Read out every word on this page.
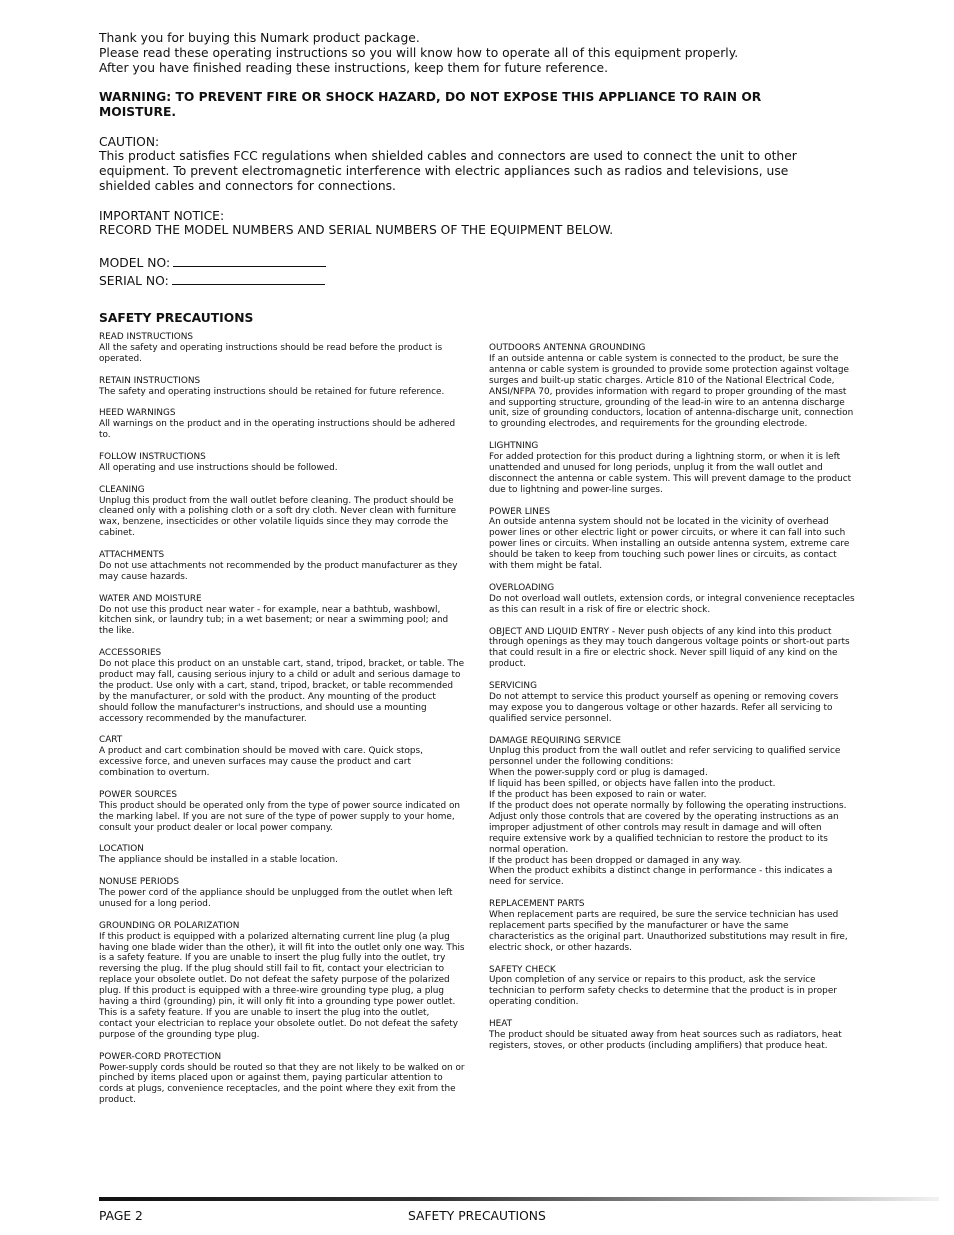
Thank you for buying this Numark product package.

Please read these operating instructions so you will know how to operate all of this equipment properly.

After you have finished reading these instructions, keep them for future reference.

WARNING: TO PREVENT FIRE OR SHOCK HAZARD, DO NOT EXPOSE THIS APPLIANCE TO RAIN OR MOISTURE.

CAUTION:

This product satisfies FCC regulations when shielded cables and connectors are used to connect the unit to other equipment. To prevent electromagnetic interference with electric appliances such as radios and televisions, use shielded cables and connectors for connections.

IMPORTANT NOTICE:

RECORD THE MODEL NUMBERS AND SERIAL NUMBERS OF THE EQUIPMENT BELOW.

MODEL NO:

SERIAL NO:

SAFETY PRECAUTIONS
READ INSTRUCTIONS
All the safety and operating instructions should be read before the product is operated.
RETAIN INSTRUCTIONS
The safety and operating instructions should be retained for future reference.
HEED WARNINGS
All warnings on the product and in the operating instructions should be adhered to.
FOLLOW INSTRUCTIONS
All operating and use instructions should be followed.
CLEANING
Unplug this product from the wall outlet before cleaning. The product should be cleaned only with a polishing cloth or a soft dry cloth. Never clean with furniture wax, benzene, insecticides or other volatile liquids since they may corrode the cabinet.
ATTACHMENTS
Do not use attachments not recommended by the product manufacturer as they may cause hazards.
WATER AND MOISTURE
Do not use this product near water - for example, near a bathtub, washbowl, kitchen sink, or laundry tub; in a wet basement; or near a swimming pool; and the like.
ACCESSORIES
Do not place this product on an unstable cart, stand, tripod, bracket, or table. The product may fall, causing serious injury to a child or adult and serious damage to the product. Use only with a cart, stand, tripod, bracket, or table recommended by the manufacturer, or sold with the product. Any mounting of the product should follow the manufacturer's instructions, and should use a mounting accessory recommended by the manufacturer.
CART
A product and cart combination should be moved with care. Quick stops, excessive force, and uneven surfaces may cause the product and cart combination to overturn.
POWER SOURCES
This product should be operated only from the type of power source indicated on the marking label. If you are not sure of the type of power supply to your home, consult your product dealer or local power company.
LOCATION
The appliance should be installed in a stable location.
NONUSE PERIODS
The power cord of the appliance should be unplugged from the outlet when left unused for a long period.
GROUNDING OR POLARIZATION
If this product is equipped with a polarized alternating current line plug (a plug having one blade wider than the other), it will fit into the outlet only one way. This is a safety feature. If you are unable to insert the plug fully into the outlet, try reversing the plug. If the plug should still fail to fit, contact your electrician to replace your obsolete outlet. Do not defeat the safety purpose of the polarized plug. If this product is equipped with a three-wire grounding type plug, a plug having a third (grounding) pin, it will only fit into a grounding type power outlet. This is a safety feature. If you are unable to insert the plug into the outlet, contact your electrician to replace your obsolete outlet. Do not defeat the safety purpose of the grounding type plug.
POWER-CORD PROTECTION
Power-supply cords should be routed so that they are not likely to be walked on or pinched by items placed upon or against them, paying particular attention to cords at plugs, convenience receptacles, and the point where they exit from the product.
OUTDOORS ANTENNA GROUNDING
If an outside antenna or cable system is connected to the product, be sure the antenna or cable system is grounded to provide some protection against voltage surges and built-up static charges. Article 810 of the National Electrical Code, ANSI/NFPA 70, provides information with regard to proper grounding of the mast and supporting structure, grounding of the lead-in wire to an antenna discharge unit, size of grounding conductors, location of antenna-discharge unit, connection to grounding electrodes, and requirements for the grounding electrode.
LIGHTNING
For added protection for this product during a lightning storm, or when it is left unattended and unused for long periods, unplug it from the wall outlet and disconnect the antenna or cable system. This will prevent damage to the product due to lightning and power-line surges.
POWER LINES
An outside antenna system should not be located in the vicinity of overhead power lines or other electric light or power circuits, or where it can fall into such power lines or circuits. When installing an outside antenna system, extreme care should be taken to keep from touching such power lines or circuits, as contact with them might be fatal.
OVERLOADING
Do not overload wall outlets, extension cords, or integral convenience receptacles as this can result in a risk of fire or electric shock.
OBJECT AND LIQUID ENTRY - Never push objects of any kind into this product through openings as they may touch dangerous voltage points or short-out parts that could result in a fire or electric shock. Never spill liquid of any kind on the product.
SERVICING
Do not attempt to service this product yourself as opening or removing covers may expose you to dangerous voltage or other hazards. Refer all servicing to qualified service personnel.
DAMAGE REQUIRING SERVICE
Unplug this product from the wall outlet and refer servicing to qualified service personnel under the following conditions:
When the power-supply cord or plug is damaged.
If liquid has been spilled, or objects have fallen into the product.
If the product has been exposed to rain or water.
If the product does not operate normally by following the operating instructions. Adjust only those controls that are covered by the operating instructions as an improper adjustment of other controls may result in damage and will often require extensive work by a qualified technician to restore the product to its normal operation.
If the product has been dropped or damaged in any way.
When the product exhibits a distinct change in performance - this indicates a need for service.
REPLACEMENT PARTS
When replacement parts are required, be sure the service technician has used replacement parts specified by the manufacturer or have the same characteristics as the original part. Unauthorized substitutions may result in fire, electric shock, or other hazards.
SAFETY CHECK
Upon completion of any service or repairs to this product, ask the service technician to perform safety checks to determine that the product is in proper operating condition.
HEAT
The product should be situated away from heat sources such as radiators, heat registers, stoves, or other products (including amplifiers) that produce heat.
PAGE 2	SAFETY PRECAUTIONS
